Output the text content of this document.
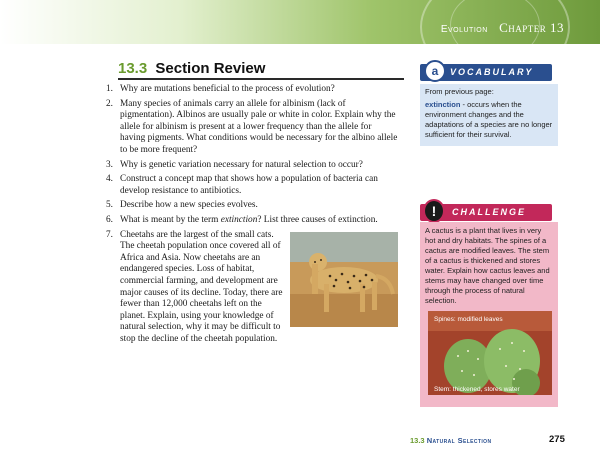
Evolution Chapter 13
13.3 Section Review
1. Why are mutations beneficial to the process of evolution?
2. Many species of animals carry an allele for albinism (lack of pigmentation). Albinos are usually pale or white in color. Explain why the allele for albinism is present at a lower frequency than the allele for having pigments. What conditions would be necessary for the albino allele to be more frequent?
3. Why is genetic variation necessary for natural selection to occur?
4. Construct a concept map that shows how a population of bacteria can develop resistance to antibiotics.
5. Describe how a new species evolves.
6. What is meant by the term extinction? List three causes of extinction.
7. Cheetahs are the largest of the small cats. The cheetah population once covered all of Africa and Asia. Now cheetahs are an endangered species. Loss of habitat, commercial farming, and development are major causes of its decline. Today, there are fewer than 12,000 cheetahs left on the planet. Explain, using your knowledge of natural selection, why it may be difficult to stop the decline of the cheetah population.
VOCABULARY
a
From previous page:
extinction - occurs when the environment changes and the adaptations of a species are no longer sufficient for their survival.
CHALLENGE
!
A cactus is a plant that lives in very hot and dry habitats. The spines of a cactus are modified leaves. The stem of a cactus is thickened and stores water. Explain how cactus leaves and stems may have changed over time through the process of natural selection.
Spines: modified leaves
Stem: thickened, stores water
13.3 Natural Selection	275
